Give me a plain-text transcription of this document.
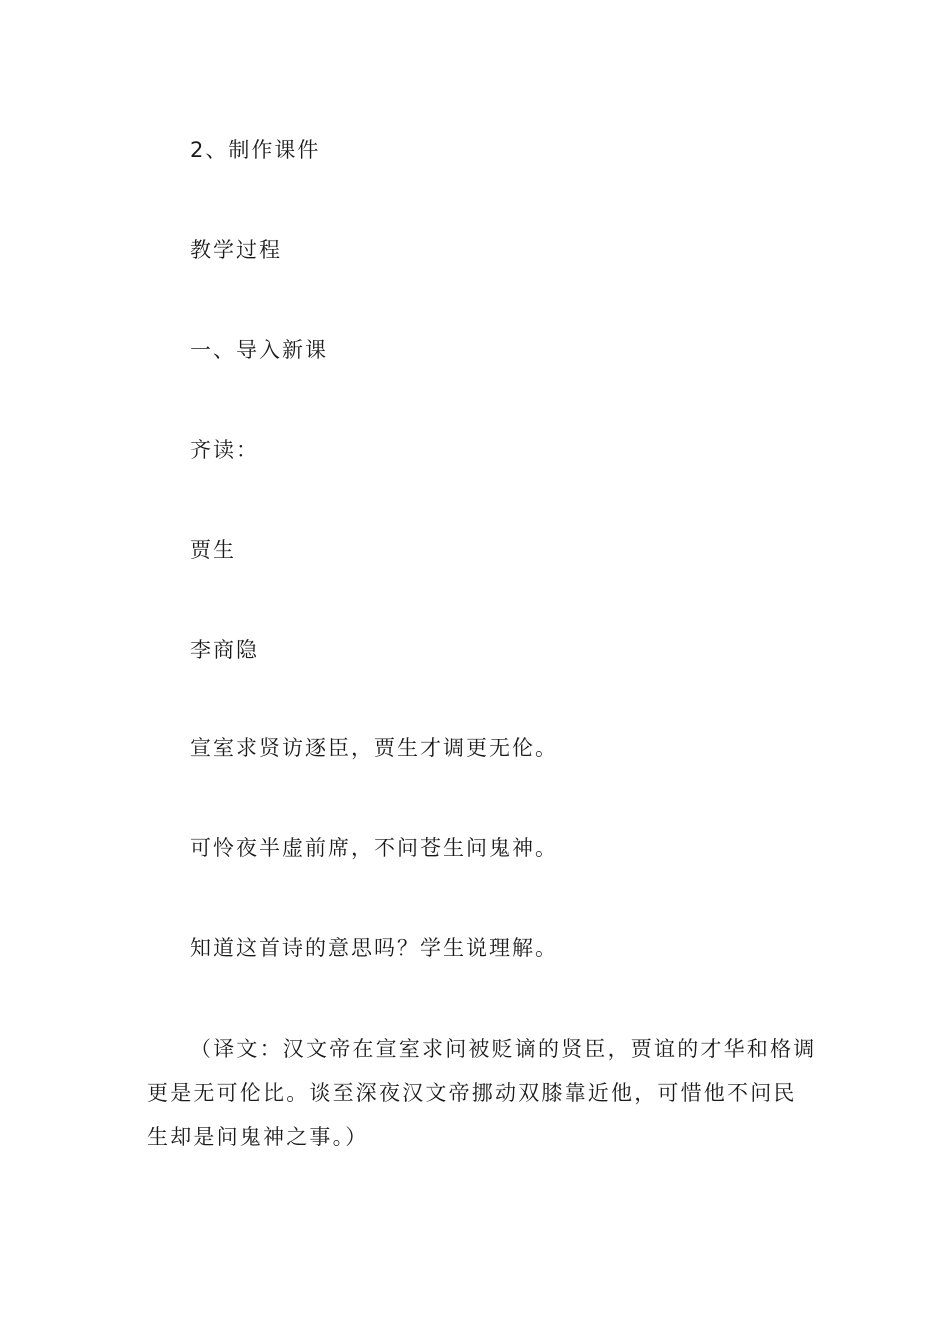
2、制作课件
教学过程
一、导入新课
齐读：
贾生
李商隐
宣室求贤访逐臣，贾生才调更无伦。
可怜夜半虚前席，不问苍生问鬼神。
知道这首诗的意思吗？学生说理解。
（译文：汉文帝在宣室求问被贬谪的贤臣，贾谊的才华和格调更是无可伦比。谈至深夜汉文帝挪动双膝靠近他，可惜他不问民生却是问鬼神之事。）
